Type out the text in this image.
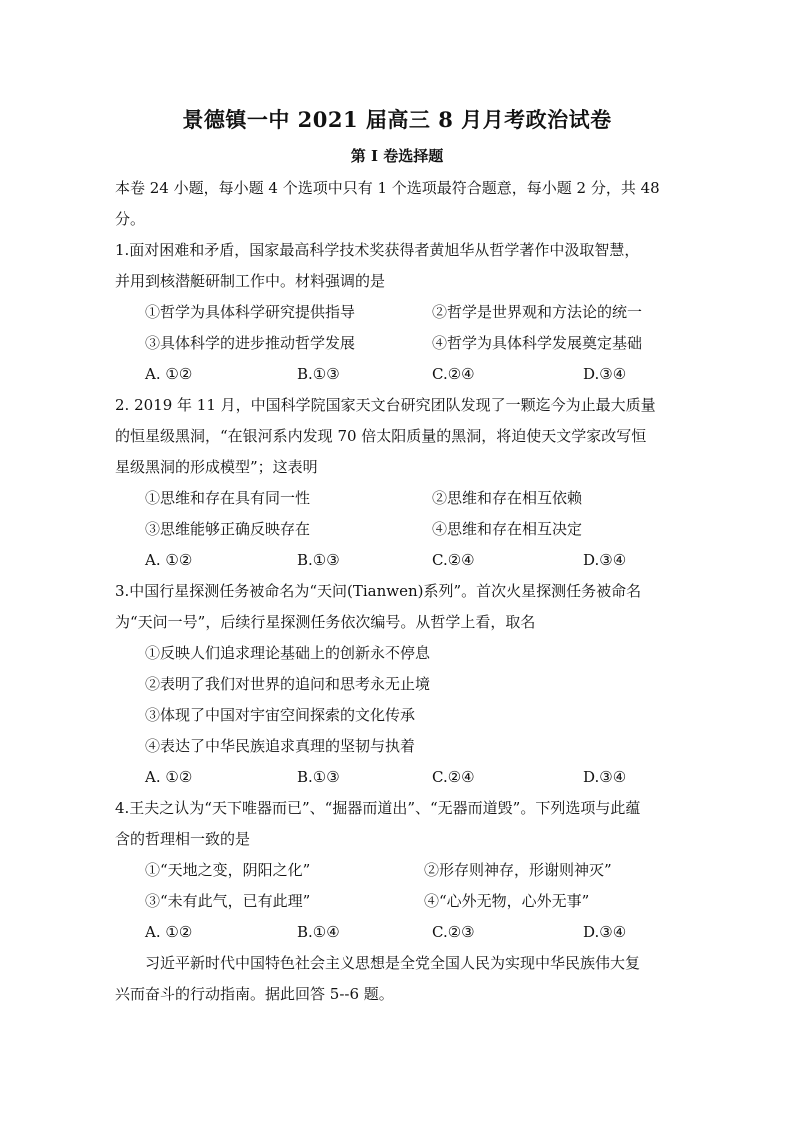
景德镇一中 2021 届高三 8 月月考政治试卷
第 I 卷选择题
本卷 24 小题，每小题 4 个选项中只有 1 个选项最符合题意，每小题 2 分，共 48
分。
1.面对困难和矛盾，国家最高科学技术奖获得者黄旭华从哲学著作中汲取智慧，
并用到核潜艇研制工作中。材料强调的是
①哲学为具体科学研究提供指导	②哲学是世界观和方法论的统一
③具体科学的进步推动哲学发展	④哲学为具体科学发展奠定基础
A. ①②	B.①③	C.②④	D.③④
2. 2019 年 11 月，中国科学院国家天文台研究团队发现了一颗迄今为止最大质量
的恒星级黑洞，“在银河系内发现 70 倍太阳质量的黑洞，将迫使天文学家改写恒
星级黑洞的形成模型”；这表明
①思维和存在具有同一性	②思维和存在相互依赖
③思维能够正确反映存在	④思维和存在相互决定
A. ①②	B.①③	C.②④	D.③④
3.中国行星探测任务被命名为“天问(Tianwen)系列”。首次火星探测任务被命名
为“天问一号”，后续行星探测任务依次编号。从哲学上看，取名
①反映人们追求理论基础上的创新永不停息
②表明了我们对世界的追问和思考永无止境
③体现了中国对宇宙空间探索的文化传承
④表达了中华民族追求真理的坚韧与执着
A. ①②	B.①③	C.②④	D.③④
4.王夫之认为“天下唯器而已”、“掘器而道出”、“无器而道毁”。下列选项与此蕴
含的哲理相一致的是
①“天地之变，阴阳之化”	②形存则神存，形谢则神灭”
③“未有此气，已有此理”	④“心外无物，心外无事”
A. ①②	B.①④	C.②③	D.③④
习近平新时代中国特色社会主义思想是全党全国人民为实现中华民族伟大复
兴而奋斗的行动指南。据此回答 5--6 题。
